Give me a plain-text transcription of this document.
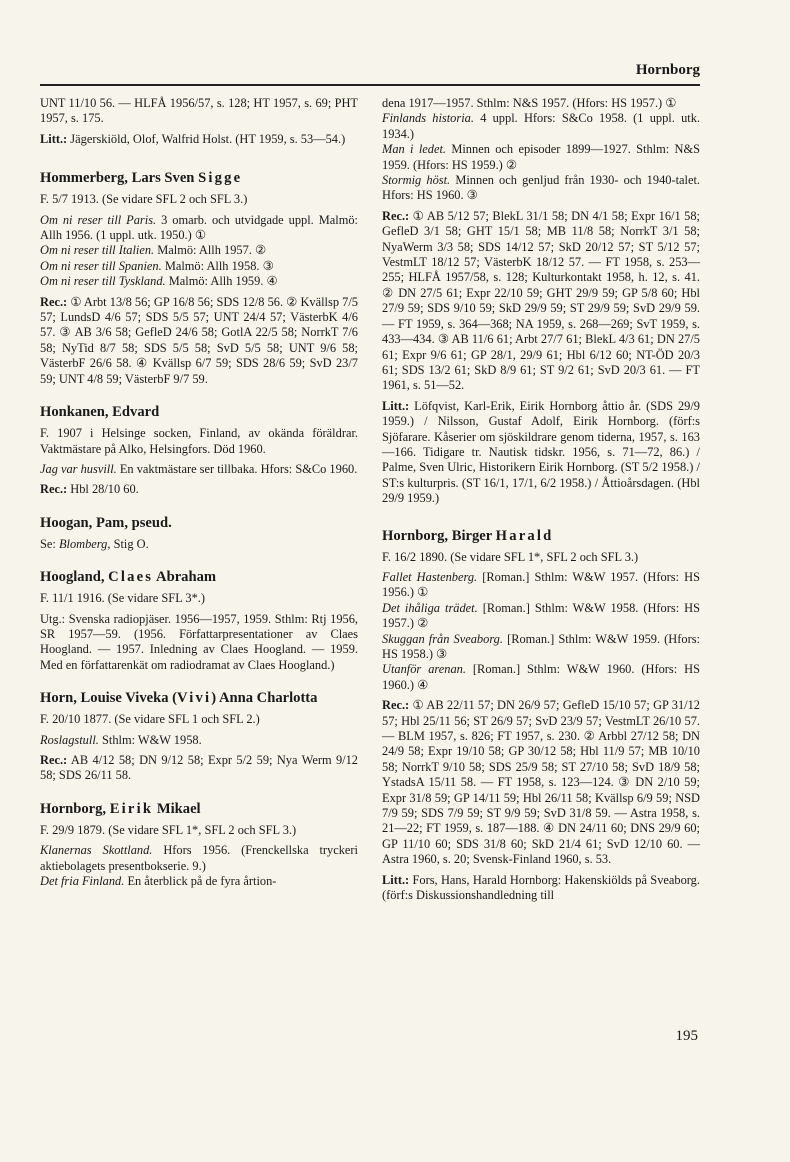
Hornborg

UNT 11/10 56. — HLFÅ 1956/57, s. 128; HT 1957, s. 69; PHT 1957, s. 175.

Litt.: Jägerskiöld, Olof, Walfrid Holst. (HT 1959, s. 53—54.)

Hommerberg, Lars Sven Sigge

F. 5/7 1913. (Se vidare SFL 2 och SFL 3.)

Om ni reser till Paris. 3 omarb. och utvidgade uppl. Malmö: Allh 1956. (1 uppl. utk. 1950.) ①

Om ni reser till Italien. Malmö: Allh 1957. ②

Om ni reser till Spanien. Malmö: Allh 1958. ③

Om ni reser till Tyskland. Malmö: Allh 1959. ④

Rec.: ① Arbt 13/8 56; GP 16/8 56; SDS 12/8 56. ② Kvällsp 7/5 57; LundsD 4/6 57; SDS 5/5 57; UNT 24/4 57; VästerbK 4/6 57. ③ AB 3/6 58; GefleD 24/6 58; GotlA 22/5 58; NorrkT 7/6 58; NyTid 8/7 58; SDS 5/5 58; SvD 5/5 58; UNT 9/6 58; VästerbF 26/6 58. ④ Kvällsp 6/7 59; SDS 28/6 59; SvD 23/7 59; UNT 4/8 59; VästerbF 9/7 59.

Honkanen, Edvard

F. 1907 i Helsinge socken, Finland, av okända föräldrar. Vaktmästare på Alko, Helsingfors. Död 1960.

Jag var husvill. En vaktmästare ser tillbaka. Hfors: S&Co 1960.

Rec.: Hbl 28/10 60.

Hoogan, Pam, pseud.

Se: Blomberg, Stig O.

Hoogland, Claes Abraham

F. 11/1 1916. (Se vidare SFL 3*.)

Utg.: Svenska radiopjäser. 1956—1957, 1959. Sthlm: Rtj 1956, SR 1957—59. (1956. Författarpresentationer av Claes Hoogland. — 1957. Inledning av Claes Hoogland. — 1959. Med en författarenkät om radiodramat av Claes Hoogland.)

Horn, Louise Viveka (Vivi) Anna Charlotta

F. 20/10 1877. (Se vidare SFL 1 och SFL 2.)

Roslagstull. Sthlm: W&W 1958.

Rec.: AB 4/12 58; DN 9/12 58; Expr 5/2 59; Nya Werm 9/12 58; SDS 26/11 58.

Hornborg, Eirik Mikael

F. 29/9 1879. (Se vidare SFL 1*, SFL 2 och SFL 3.)

Klanernas Skottland. Hfors 1956. (Frenckellska tryckeri aktiebolagets presentbokserie. 9.)

Det fria Finland. En återblick på de fyra årtion-

dena 1917—1957. Sthlm: N&S 1957. (Hfors: HS 1957.) ①

Finlands historia. 4 uppl. Hfors: S&Co 1958. (1 uppl. utk. 1934.)

Man i ledet. Minnen och episoder 1899—1927. Sthlm: N&S 1959. (Hfors: HS 1959.) ②

Stormig höst. Minnen och genljud från 1930- och 1940-talet. Hfors: HS 1960. ③

Rec.: ① AB 5/12 57; BlekL 31/1 58; DN 4/1 58; Expr 16/1 58; GefleD 3/1 58; GHT 15/1 58; MB 11/8 58; NorrkT 3/1 58; NyaWerm 3/3 58; SDS 14/12 57; SkD 20/12 57; ST 5/12 57; VestmLT 18/12 57; VästerbK 18/12 57. — FT 1958, s. 253—255; HLFÅ 1957/58, s. 128; Kulturkontakt 1958, h. 12, s. 41. ② DN 27/5 61; Expr 22/10 59; GHT 29/9 59; GP 5/8 60; Hbl 27/9 59; SDS 9/10 59; SkD 29/9 59; ST 29/9 59; SvD 29/9 59. — FT 1959, s. 364—368; NA 1959, s. 268—269; SvT 1959, s. 433—434. ③ AB 11/6 61; Arbt 27/7 61; BlekL 4/3 61; DN 27/5 61; Expr 9/6 61; GP 28/1, 29/9 61; Hbl 6/12 60; NT-ÖD 20/3 61; SDS 13/2 61; SkD 8/9 61; ST 9/2 61; SvD 20/3 61. — FT 1961, s. 51—52.

Litt.: Löfqvist, Karl-Erik, Eirik Hornborg åttio år. (SDS 29/9 1959.) / Nilsson, Gustaf Adolf, Eirik Hornborg. (förf:s Sjöfarare. Kåserier om sjöskildrare genom tiderna, 1957, s. 163—166. Tidigare tr. Nautisk tidskr. 1956, s. 71—72, 86.) / Palme, Sven Ulric, Historikern Eirik Hornborg. (ST 5/2 1958.) / ST:s kulturpris. (ST 16/1, 17/1, 6/2 1958.) / Åttioårsdagen. (Hbl 29/9 1959.)

Hornborg, Birger Harald

F. 16/2 1890. (Se vidare SFL 1*, SFL 2 och SFL 3.)

Fallet Hastenberg. [Roman.] Sthlm: W&W 1957. (Hfors: HS 1956.) ①

Det ihåliga trädet. [Roman.] Sthlm: W&W 1958. (Hfors: HS 1957.) ②

Skuggan från Sveaborg. [Roman.] Sthlm: W&W 1959. (Hfors: HS 1958.) ③

Utanför arenan. [Roman.] Sthlm: W&W 1960. (Hfors: HS 1960.) ④

Rec.: ① AB 22/11 57; DN 26/9 57; GefleD 15/10 57; GP 31/12 57; Hbl 25/11 56; ST 26/9 57; SvD 23/9 57; VestmLT 26/10 57. — BLM 1957, s. 826; FT 1957, s. 230. ② Arbbl 27/12 58; DN 24/9 58; Expr 19/10 58; GP 30/12 58; Hbl 11/9 57; MB 10/10 58; NorrkT 9/10 58; SDS 25/9 58; ST 27/10 58; SvD 18/9 58; YstadsA 15/11 58. — FT 1958, s. 123—124. ③ DN 2/10 59; Expr 31/8 59; GP 14/11 59; Hbl 26/11 58; Kvällsp 6/9 59; NSD 7/9 59; SDS 7/9 59; ST 9/9 59; SvD 31/8 59. — Astra 1958, s. 21—22; FT 1959, s. 187—188. ④ DN 24/11 60; DNS 29/9 60; GP 11/10 60; SDS 31/8 60; SkD 21/4 61; SvD 12/10 60. — Astra 1960, s. 20; Svensk-Finland 1960, s. 53.

Litt.: Fors, Hans, Harald Hornborg: Hakenskiölds på Sveaborg. (förf:s Diskussionshandledning till

195
